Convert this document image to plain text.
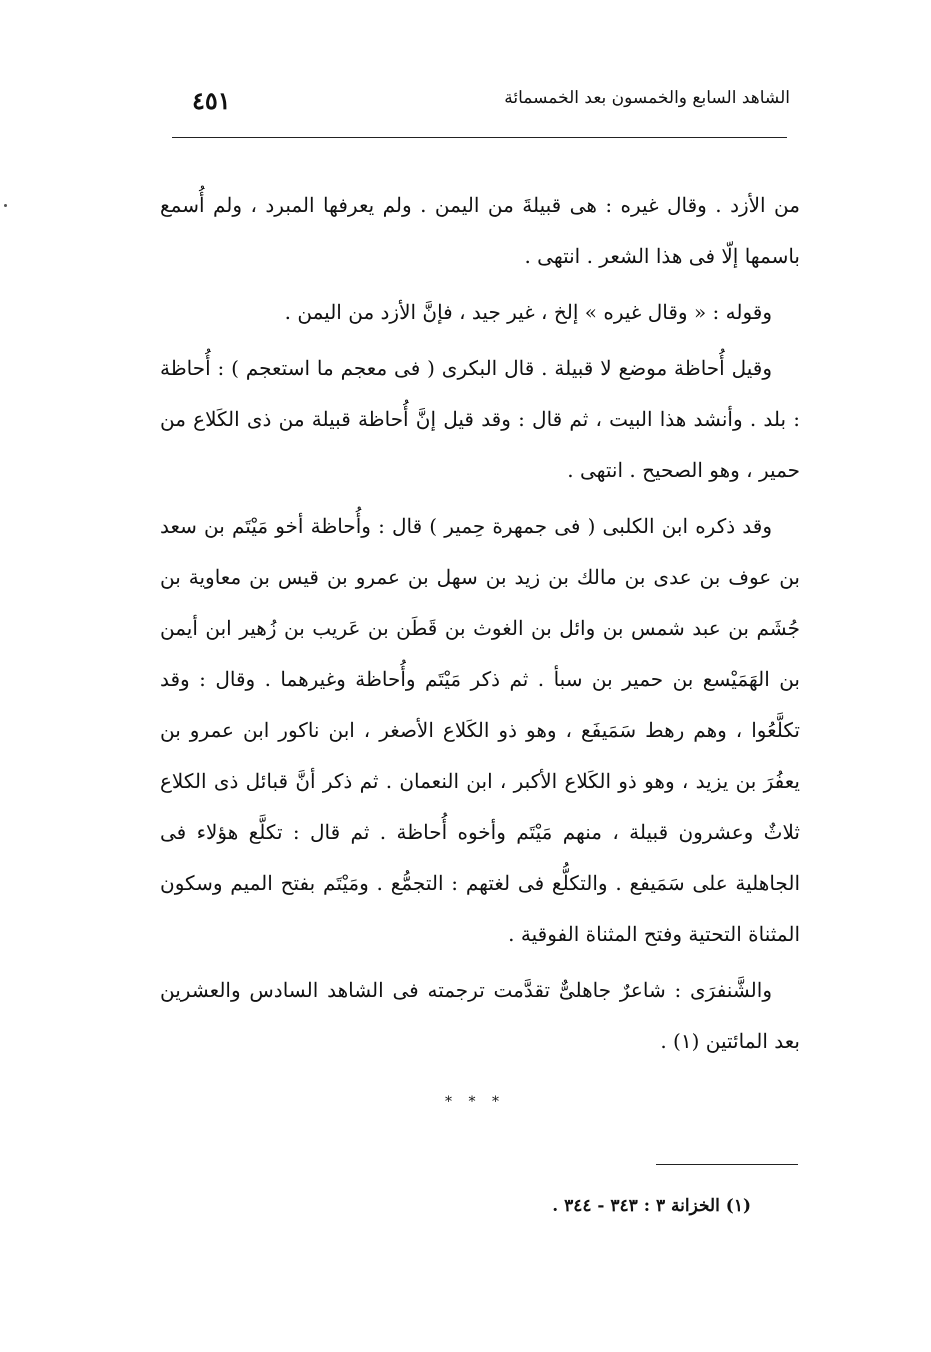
الشاهد السابع والخمسون بعد الخمسمائة
٤٥١

من الأزد . وقال غيره : هى قبيلةَ من اليمن . ولم يعرفها المبرد ، ولم أُسمع باسمها إلّا فى هذا الشعر . انتهى .

وقوله : « وقال غيره » إلخ ، غير جيد ، فإنَّ الأزد من اليمن .

وقيل أُحاظة موضع لا قبيلة . قال البكرى ( فى معجم ما استعجم ) : أُحاظة : بلد . وأنشد هذا البيت ، ثم قال : وقد قيل إنَّ أُحاظة قبيلة من ذى الكَلاع من حمير ، وهو الصحيح . انتهى .

وقد ذكره ابن الكلبى ( فى جمهرة حِمير ) قال : وأُحاظة أخو مَيْتَم بن سعد بن عوف بن عدى بن مالك بن زيد بن سهل بن عمرو بن قيس بن معاوية بن جُشَم بن عبد شمس بن وائل بن الغوث بن قَطَن بن عَريب بن زُهير ابن أيمن بن الهَمَيْسع بن حمير بن سبأ . ثم ذكر مَيْتَم وأُحاظة وغيرهما . وقال : وقد تكلَّعُوا ، وهم رهط سَمَيفَع ، وهو ذو الكَلاع الأصغر ، ابن ناكور ابن عمرو بن يعفُرَ بن يزيد ، وهو ذو الكَلاع الأكبر ، ابن النعمان . ثم ذكر أنَّ قبائل ذى الكلاع ثلاثٌ وعشرون قبيلة ، منهم مَيْتَم وأخوه أُحاظة . ثم قال : تكلَّع هؤلاء فى الجاهلية على سَمَيفع . والتكلُّع فى لغتهم : التجمُّع . ومَيْتَم بفتح الميم وسكون المثناة التحتية وفتح المثناة الفوقية .

والشَّنفرَى : شاعرٌ جاهلىٌّ تقدَّمت ترجمته فى الشاهد السادس والعشرين بعد المائتين (١) .

* * *
(١) الخزانة ٣ : ٣٤٣ - ٣٤٤ .
